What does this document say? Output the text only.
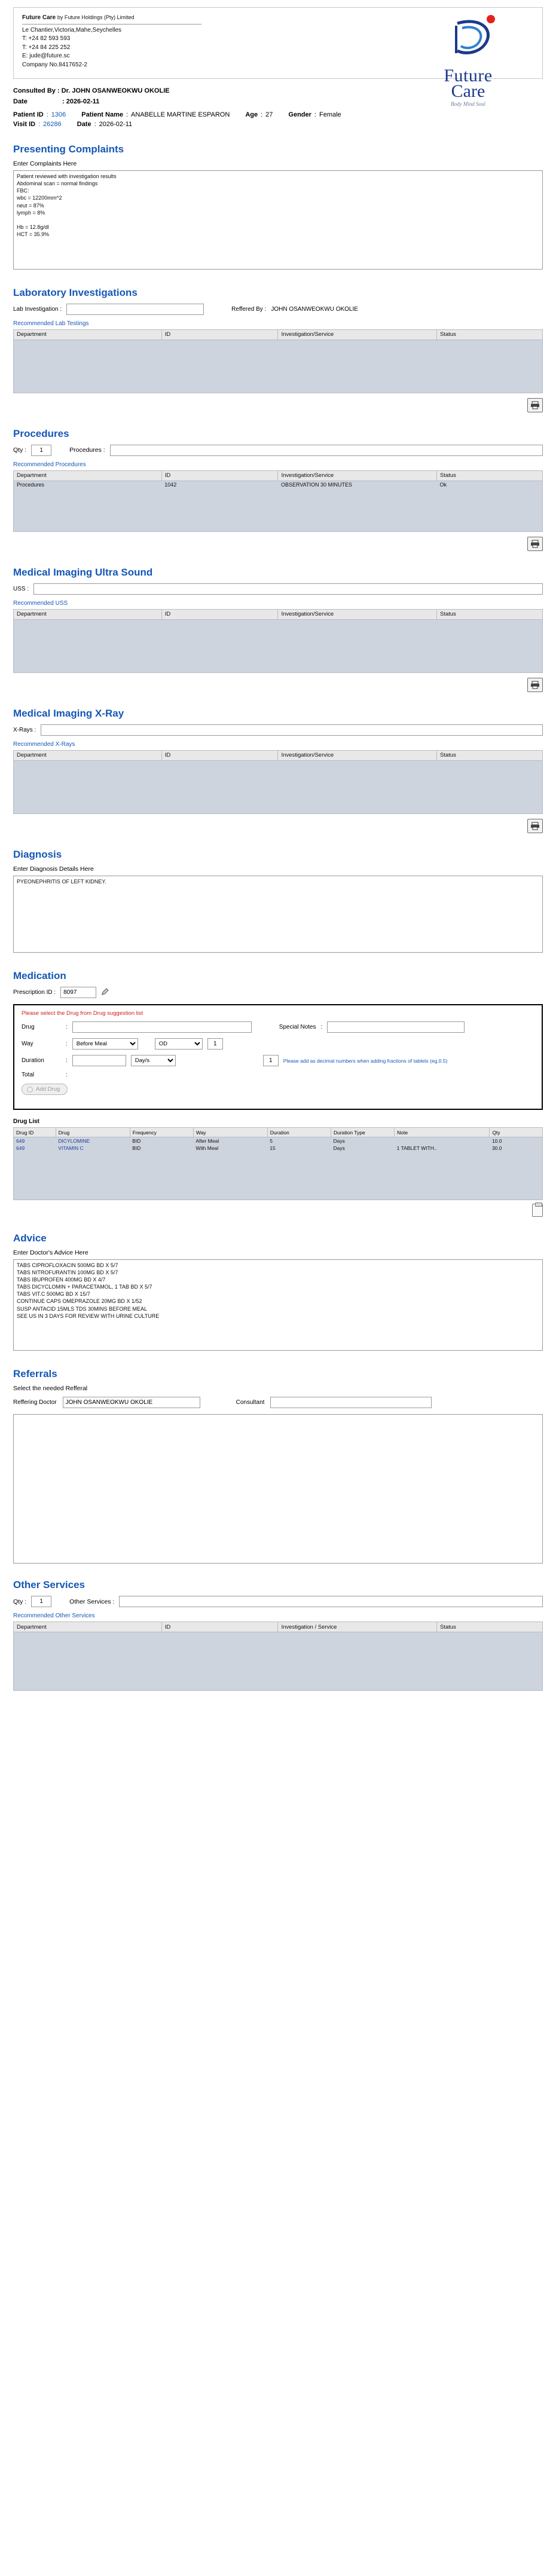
Future Care by Future Holdings (Pty) Limited
Le Chantier,Victoria,Mahe,Seychelles
T: +24 82 593 593
T: +24 84 225 252
E: jude@future.sc
Company No.8417652-2
Future
Care
Body Mind Soul
Consulted By : Dr. JOHN OSANWEOKWU OKOLIE
Date	: 2026-02-11
Patient ID : 1306 Patient Name : ANABELLE MARTINE ESPARON Age : 27 Gender : Female
Visit ID : 26286 Date : 2026-02-11
Presenting Complaints
Enter Complaints Here
Patient reviewed with investigation results Abdominal scan = normal findings FBC: wbc = 12200mm^2 neut = 87% lymph = 8% Hb = 12.8g/dl HCT = 35.9%
Laboratory Investigations
Lab Investigation :	Reffered By : JOHN OSANWEOKWU OKOLIE
Recommended Lab Testings
Department	ID	Investigation/Service	Status

Procedures
Qty :
1	Procedures :
Recommended Procedures
Department	ID	Investigation/Service	Status
Procedures	1042	OBSERVATION 30 MINUTES	Ok

Medical Imaging Ultra Sound
USS :
Recommended USS
Department	ID	Investigation/Service	Status

Medical Imaging X-Ray
X-Rays :
Recommended X-Rays
Department	ID	Investigation/Service	Status

Diagnosis
Enter Diagnosis Details Here
PYEONEPHRITIS OF LEFT KIDNEY.
Medication
Prescription ID :
8097
Please select the Drug from Drug suggestion list
Drug	:	Special Notes :
Way	:
Before Meal
OD
1
Duration	:
Day/s
1	Please add as decimal numbers when adding fractions of tablets (eg.0.5)
Total	:
Add Drug
Drug List
Drug ID	Drug	Frequency	Way	Duration	Duration Type	Note	Qty
649	DICYLOMINE	BID	After Meal	5	Days		10.0
649	VITAMIN C	BID	With Meal	15	Days	1 TABLET WITH..	30.0

Advice
Enter Doctor's Advice Here
TABS CIPROFLOXACIN 500MG BD X 5/7 TABS NITROFURANTIN 100MG BD X 5/7 TABS IBUPROFEN 400MG BD X 4/7 TABS DICYCLOMIN + PARACETAMOL, 1 TAB BD X 5/7 TABS VIT.C 500MG BD X 15/7 CONTINUE CAPS OMEPRAZOLE 20MG BD X 1/52 SUSP ANTACID 15MLS TDS 30MINS BEFORE MEAL SEE US IN 3 DAYS FOR REVIEW WITH URINE CULTURE
Referrals
Select the needed Refferal
Reffering Doctor
JOHN OSANWEOKWU OKOLIE	Consultant
Other Services
Qty :
1	Other Services :
Recommended Other Services
Department	ID	Investigation / Service	Status
